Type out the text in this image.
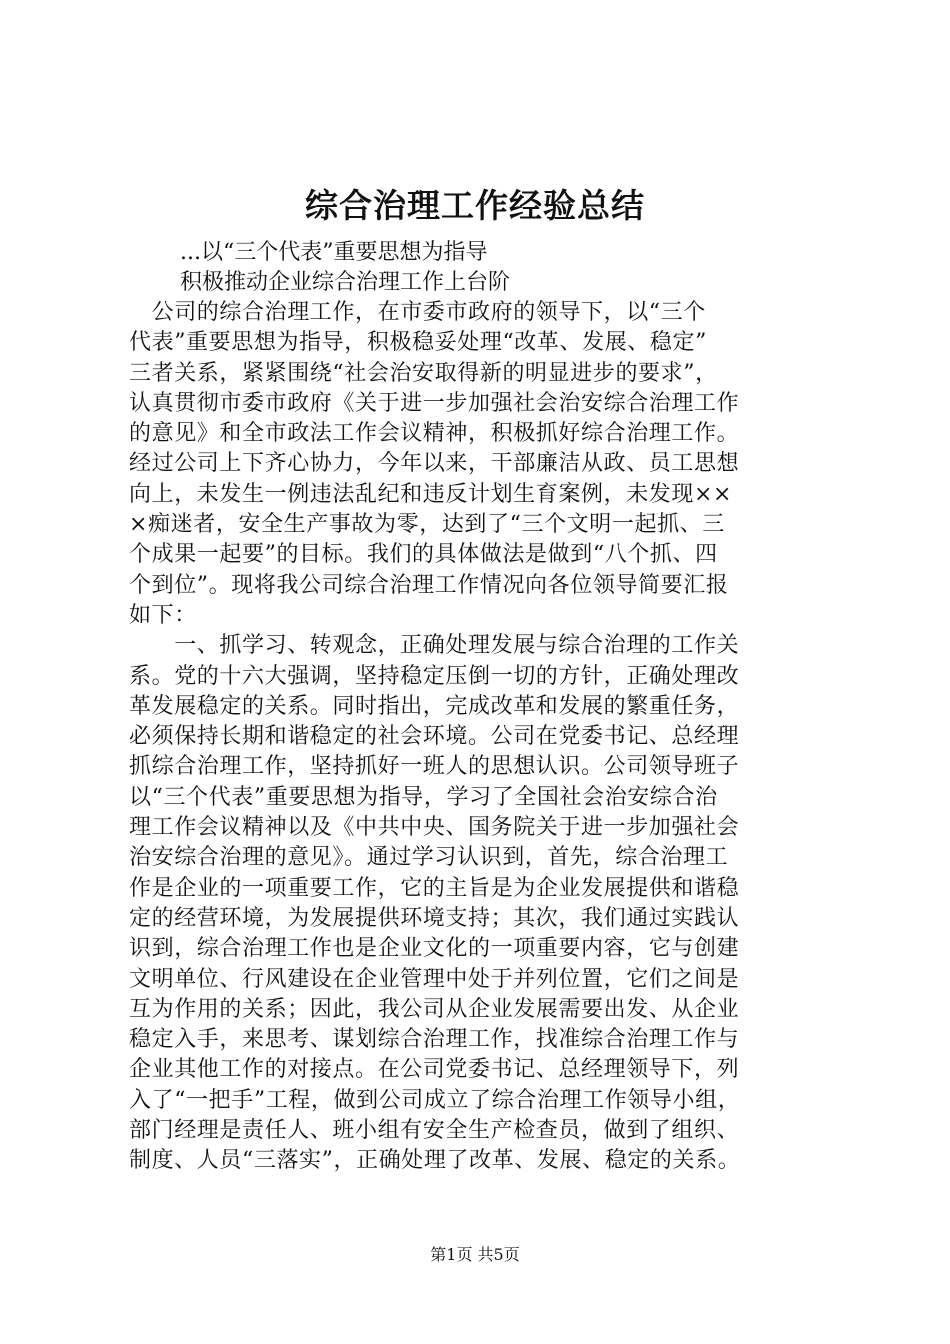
综合治理工作经验总结
...以“三个代表”重要思想为指导
积极推动企业综合治理工作上台阶
　公司的综合治理工作，在市委市政府的领导下，以“三个
代表”重要思想为指导，积极稳妥处理“改革、发展、稳定”
三者关系，紧紧围绕“社会治安取得新的明显进步的要求”，
认真贯彻市委市政府《关于进一步加强社会治安综合治理工作
的意见》和全市政法工作会议精神，积极抓好综合治理工作。
经过公司上下齐心协力，今年以来，干部廉洁从政、员工思想
向上，未发生一例违法乱纪和违反计划生育案例，未发现××
×痴迷者，安全生产事故为零，达到了“三个文明一起抓、三
个成果一起要”的目标。我们的具体做法是做到“八个抓、四
个到位”。现将我公司综合治理工作情况向各位领导简要汇报
如下：
　　一、抓学习、转观念，正确处理发展与综合治理的工作关
系。党的十六大强调，坚持稳定压倒一切的方针，正确处理改
革发展稳定的关系。同时指出，完成改革和发展的繁重任务，
必须保持长期和谐稳定的社会环境。公司在党委书记、总经理
抓综合治理工作，坚持抓好一班人的思想认识。公司领导班子
以“三个代表”重要思想为指导，学习了全国社会治安综合治
理工作会议精神以及《中共中央、国务院关于进一步加强社会
治安综合治理的意见》。通过学习认识到，首先，综合治理工
作是企业的一项重要工作，它的主旨是为企业发展提供和谐稳
定的经营环境，为发展提供环境支持；其次，我们通过实践认
识到，综合治理工作也是企业文化的一项重要内容，它与创建
文明单位、行风建设在企业管理中处于并列位置，它们之间是
互为作用的关系；因此，我公司从企业发展需要出发、从企业
稳定入手，来思考、谋划综合治理工作，找准综合治理工作与
企业其他工作的对接点。在公司党委书记、总经理领导下，列
入了“一把手”工程，做到公司成立了综合治理工作领导小组，
部门经理是责任人、班小组有安全生产检查员，做到了组织、
制度、人员“三落实”，正确处理了改革、发展、稳定的关系。
第1页 共5页
